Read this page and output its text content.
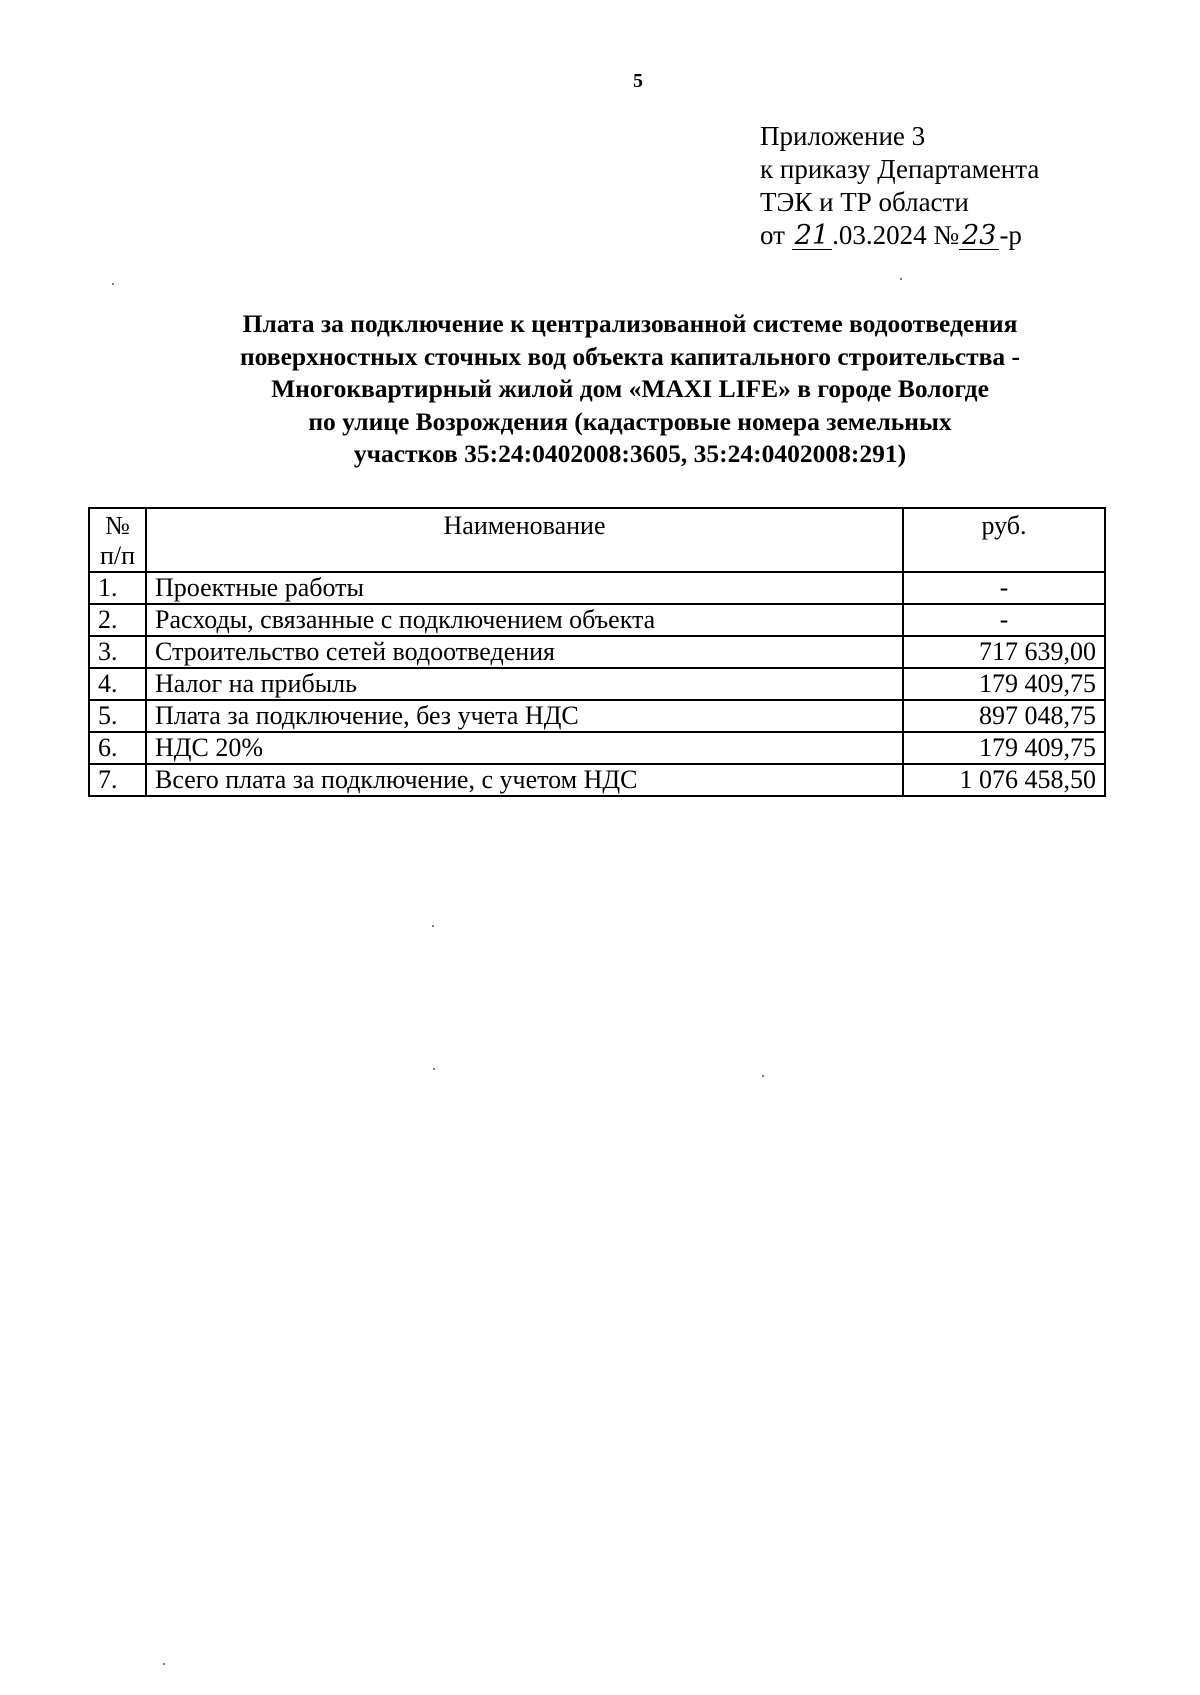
5
Приложение 3
к приказу Департамента
ТЭК и ТР области
от 21 .03.2024 № 23 -р
Плата за подключение к централизованной системе водоотведения
поверхностных сточных вод объекта капитального строительства -
Многоквартирный жилой дом «MAXI LIFE» в городе Вологде
по улице Возрождения (кадастровые номера земельных
участков 35:24:0402008:3605, 35:24:0402008:291)
№
п/п	Наименование	руб.
1.	Проектные работы	-
2.	Расходы, связанные с подключением объекта	-
3.	Строительство сетей водоотведения	717 639,00
4.	Налог на прибыль	179 409,75
5.	Плата за подключение, без учета НДС	897 048,75
6.	НДС 20%	179 409,75
7.	Всего плата за подключение, с учетом НДС	1 076 458,50
